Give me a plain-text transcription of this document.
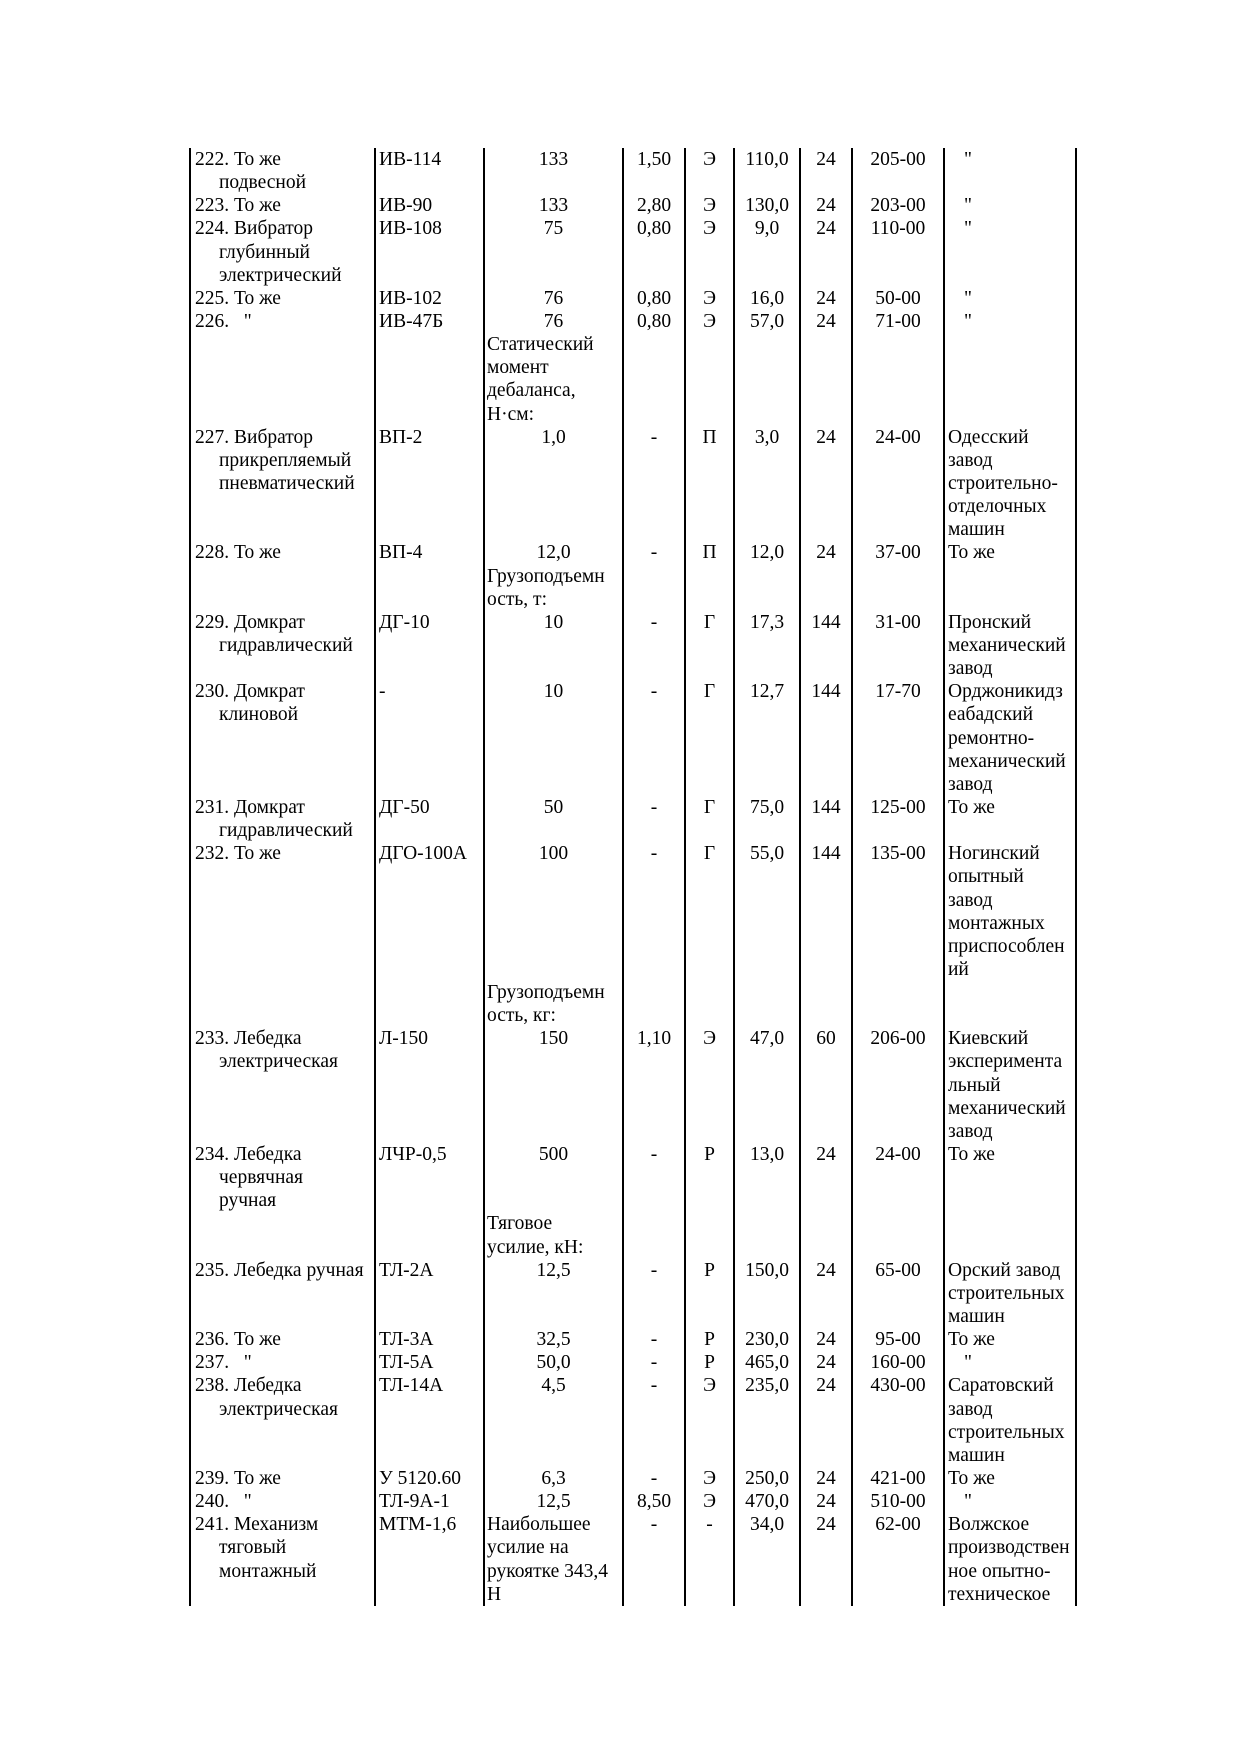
222. То же
подвесной
223. То же
224. Вибратор
глубинный
электрический
225. То же
226.   "
227. Вибратор
прикрепляемый
пневматический
228. То же
229. Домкрат
гидравлический
230. Домкрат
клиновой
231. Домкрат
гидравлический
232. То же
233. Лебедка
электрическая
234. Лебедка
червячная
ручная
235. Лебедка ручная
236. То же
237.   "
238. Лебедка
электрическая
239. То же
240.   "
241. Механизм
тяговый
монтажный
ИВ-114
ИВ-90
ИВ-108
ИВ-102
ИВ-47Б
ВП-2
ВП-4
ДГ-10
-
ДГ-50
ДГО-100А
Л-150
ЛЧР-0,5
ТЛ-2А
ТЛ-3А
ТЛ-5А
ТЛ-14А
У 5120.60
ТЛ-9А-1
МТМ-1,6
133
133
75
76
76
Статический
момент
дебаланса,
Н·см:
1,0
12,0
Грузоподъемн
ость, т:
10
10
50
100
Грузоподъемн
ость, кг:
150
500
Тяговое
усилие, кН:
12,5
32,5
50,0
4,5
6,3
12,5
Наибольшее
усилие на
рукоятке 343,4
Н
1,50
2,80
0,80
0,80
0,80
-
-
-
-
-
-
1,10
-
-
-
-
-
-
8,50
-
Э
Э
Э
Э
Э
П
П
Г
Г
Г
Г
Э
Р
Р
Р
Р
Э
Э
Э
-
110,0
130,0
9,0
16,0
57,0
3,0
12,0
17,3
12,7
75,0
55,0
47,0
13,0
150,0
230,0
465,0
235,0
250,0
470,0
34,0
24
24
24
24
24
24
24
144
144
144
144
60
24
24
24
24
24
24
24
24
205-00
203-00
110-00
50-00
71-00
24-00
37-00
31-00
17-70
125-00
135-00
206-00
24-00
65-00
95-00
160-00
430-00
421-00
510-00
62-00
"
"
"
"
"
Одесский
завод
строительно-
отделочных
машин
То же
Пронский
механический
завод
Орджоникидз
еабадский
ремонтно-
механический
завод
То же
Ногинский
опытный
завод
монтажных
приспособлен
ий
Киевский
эксперимента
льный
механический
завод
То же
Орский завод
строительных
машин
То же
"
Саратовский
завод
строительных
машин
То же
"
Волжское
производствен
ное опытно-
техническое
